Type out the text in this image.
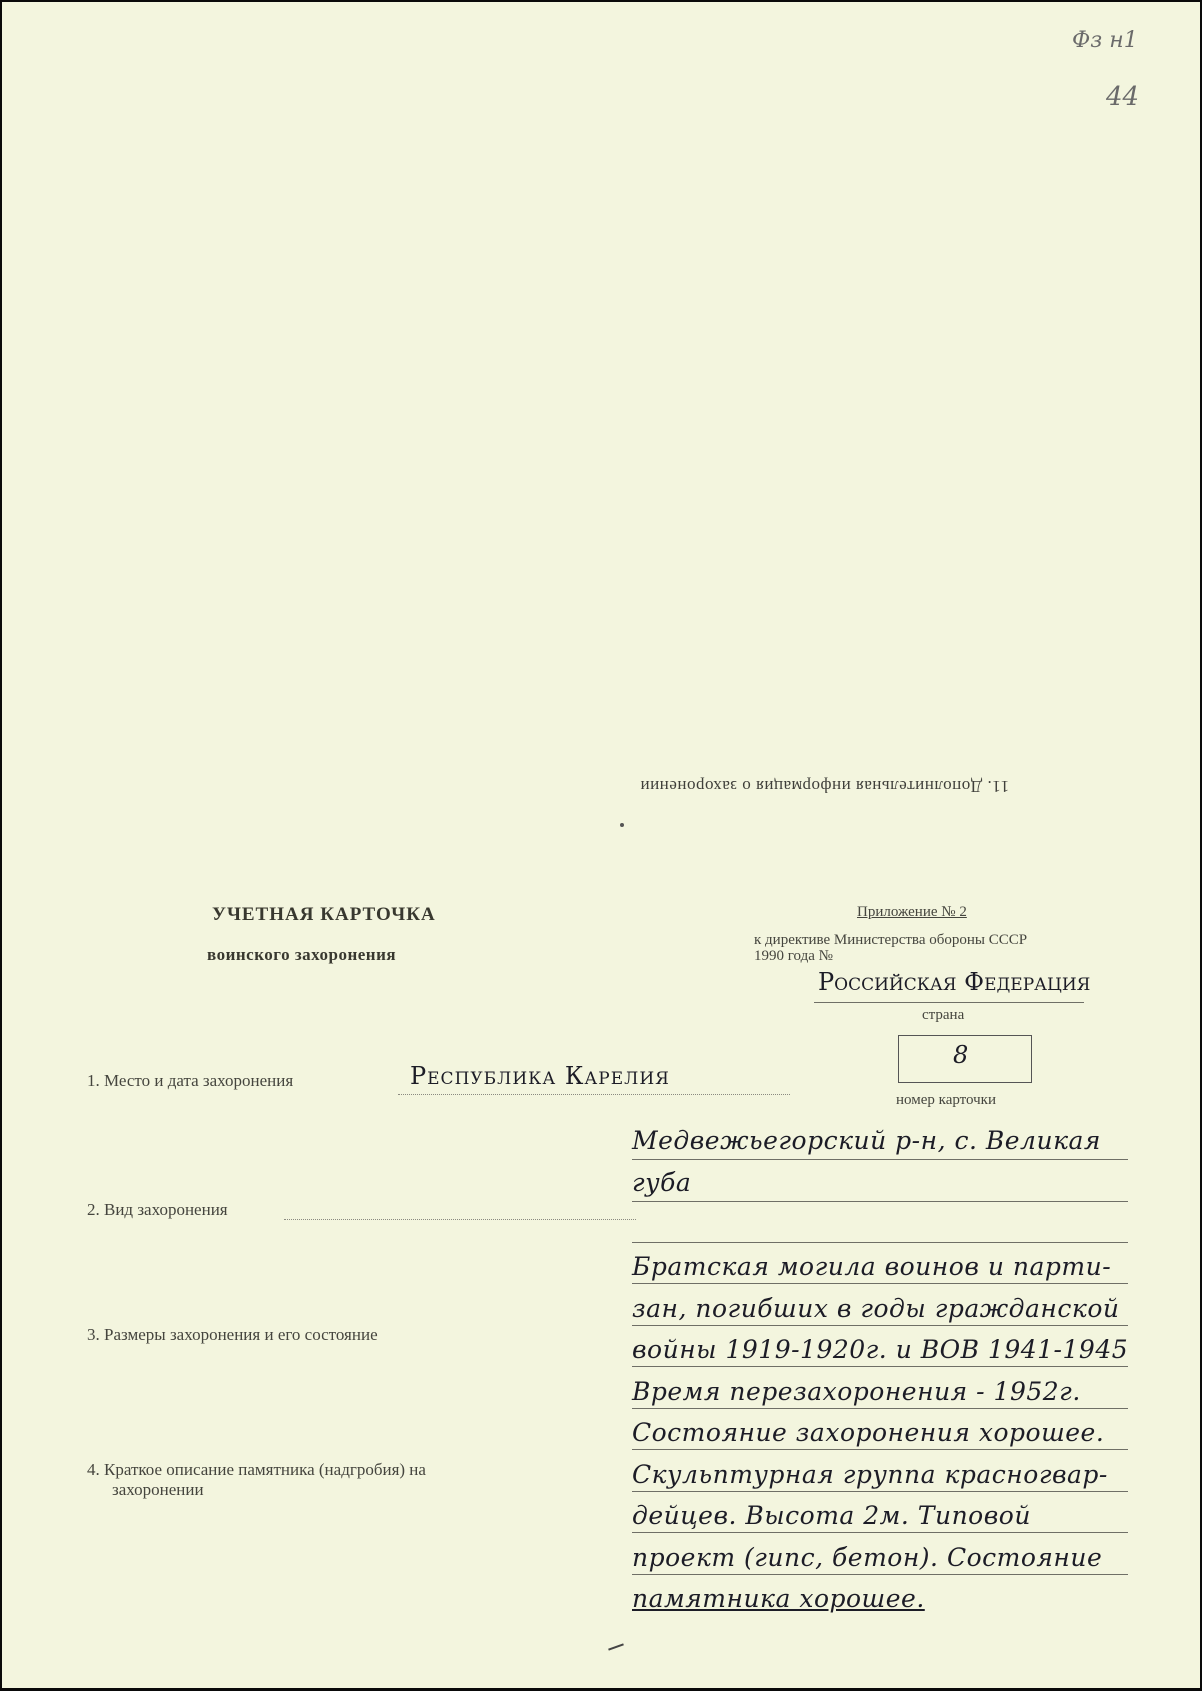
Фз н1
44
11. Дополнительная информация о захоронении
УЧЕТНАЯ КАРТОЧКА
воинского захоронения
Приложение № 2
к директиве Министерства обороны СССР
1990 года №
Российская Федерация
страна
8
номер карточки
1. Место и дата захоронения	Республика Карелия
2. Вид захоронения
3. Размеры захоронения и его состояние
4. Краткое описание памятника (надгробия) на
захоронении
Медвежьегорский р-н, с. Великая
губа
Братская могила воинов и парти-
зан, погибших в годы гражданской
войны 1919-1920г. и ВОВ 1941-1945
Время перезахоронения - 1952г.
Состояние захоронения хорошее.
Скульптурная группа красногвар-
дейцев. Высота 2м. Типовой
проект (гипс, бетон). Состояние
памятника хорошее.
